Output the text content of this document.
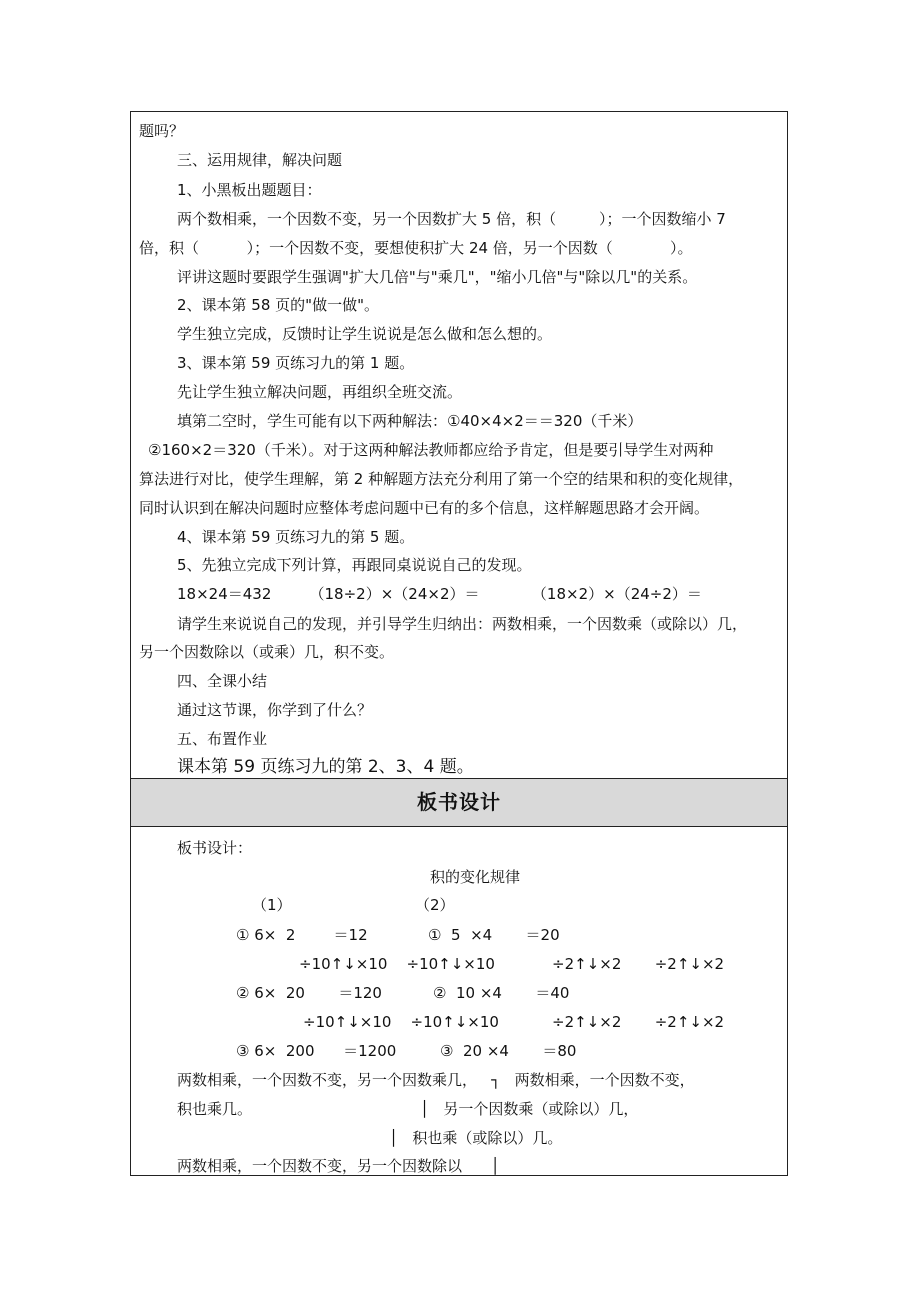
板书设计
题吗？
三、运用规律，解决问题
1、小黑板出题题目：
两个数相乘，一个因数不变，另一个因数扩大 5 倍，积（         ）；一个因数缩小 7
倍，积（          ）；一个因数不变，要想使积扩大 24 倍，另一个因数（            ）。
评讲这题时要跟学生强调"扩大几倍"与"乘几"，"缩小几倍"与"除以几"的关系。
2、课本第 58 页的"做一做"。
学生独立完成，反馈时让学生说说是怎么做和怎么想的。
3、课本第 59 页练习九的第 1 题。
先让学生独立解决问题，再组织全班交流。
填第二空时，学生可能有以下两种解法：①40×4×2＝＝320（千米）
②160×2＝320（千米）。对于这两种解法教师都应给予肯定，但是要引导学生对两种
算法进行对比，使学生理解，第 2 种解题方法充分利用了第一个空的结果和积的变化规律，
同时认识到在解决问题时应整体考虑问题中已有的多个信息，这样解题思路才会开阔。
4、课本第 59 页练习九的第 5 题。
5、先独立完成下列计算，再跟同桌说说自己的发现。
18×24＝432        （18÷2）×（24×2）＝           （18×2）×（24÷2）＝
请学生来说说自己的发现，并引导学生归纳出：两数相乘，一个因数乘（或除以）几，
另一个因数除以（或乘）几，积不变。
四、全课小结
通过这节课，你学到了什么？
五、布置作业
课本第 59 页练习九的第 2、3、4 题。
板书设计：
积的变化规律
（1）	（2）
① 6×  2        ＝12	①  5  ×4       ＝20
÷10↑↓×10    ÷10↑↓×10	÷2↑↓×2       ÷2↑↓×2
② 6×  20       ＝120	②  10 ×4       ＝40
÷10↑↓×10    ÷10↑↓×10	÷2↑↓×2       ÷2↑↓×2
③ 6×  200      ＝1200	③  20 ×4       ＝80
两数相乘，一个因数不变，另一个因数乘几，   ┐   两数相乘，一个因数不变，
积也乘几。	│   另一个因数乘（或除以）几，
│   积也乘（或除以）几。
两数相乘，一个因数不变，另一个因数除以      │
